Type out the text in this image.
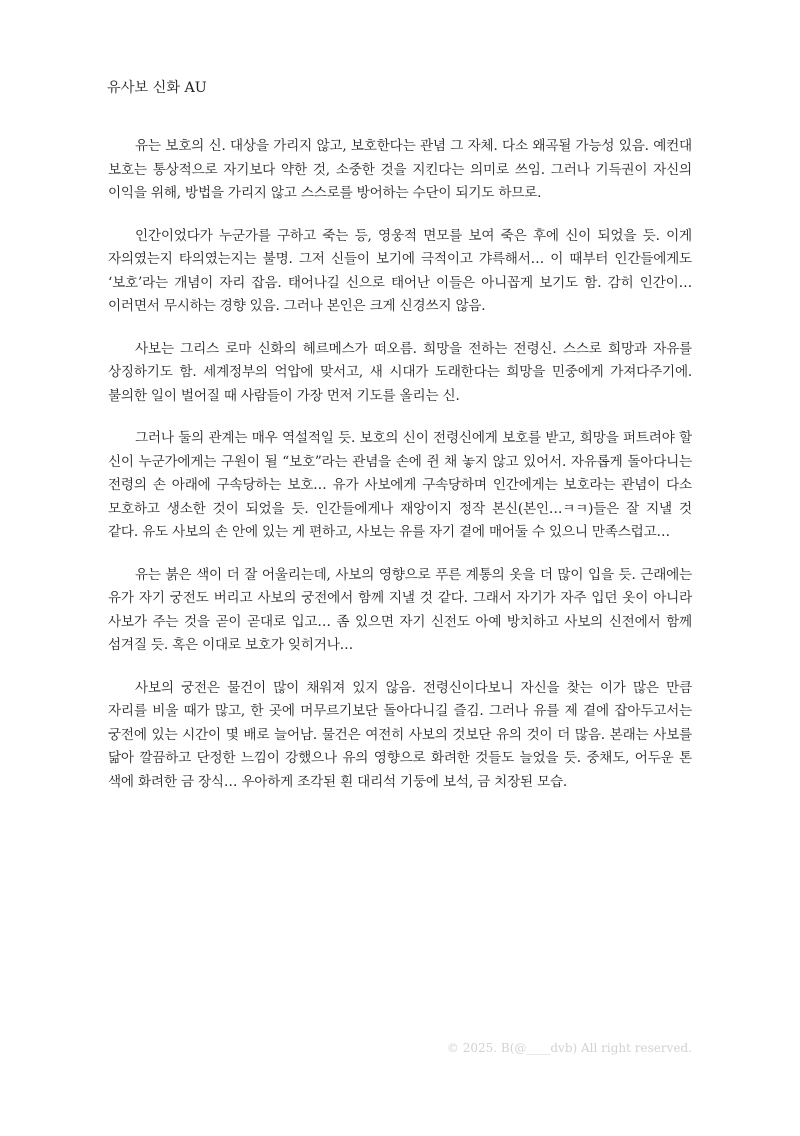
유사보 신화 AU

유는 보호의 신. 대상을 가리지 않고, 보호한다는 관념 그 자체. 다소 왜곡될 가능성 있음. 예컨대 보호는 통상적으로 자기보다 약한 것, 소중한 것을 지킨다는 의미로 쓰임. 그러나 기득권이 자신의 이익을 위해, 방법을 가리지 않고 스스로를 방어하는 수단이 되기도 하므로.

인간이었다가 누군가를 구하고 죽는 등, 영웅적 면모를 보여 죽은 후에 신이 되었을 듯. 이게 자의였는지 타의였는지는 불명. 그저 신들이 보기에 극적이고 갸륵해서… 이 때부터 인간들에게도 ‘보호’라는 개념이 자리 잡음. 태어나길 신으로 태어난 이들은 아니꼽게 보기도 함. 감히 인간이… 이러면서 무시하는 경향 있음. 그러나 본인은 크게 신경쓰지 않음.

사보는 그리스 로마 신화의 헤르메스가 떠오름. 희망을 전하는 전령신. 스스로 희망과 자유를 상징하기도 함. 세계정부의 억압에 맞서고, 새 시대가 도래한다는 희망을 민중에게 가져다주기에. 불의한 일이 벌어질 때 사람들이 가장 먼저 기도를 올리는 신.

그러나 둘의 관계는 매우 역설적일 듯. 보호의 신이 전령신에게 보호를 받고, 희망을 퍼트려야 할 신이 누군가에게는 구원이 될 “보호”라는 관념을 손에 쥔 채 놓지 않고 있어서. 자유롭게 돌아다니는 전령의 손 아래에 구속당하는 보호… 유가 사보에게 구속당하며 인간에게는 보호라는 관념이 다소 모호하고 생소한 것이 되었을 듯. 인간들에게나 재앙이지 정작 본신(본인…ㅋㅋ)들은 잘 지낼 것 같다. 유도 사보의 손 안에 있는 게 편하고, 사보는 유를 자기 곁에 매어둘 수 있으니 만족스럽고…

유는 붉은 색이 더 잘 어울리는데, 사보의 영향으로 푸른 계통의 옷을 더 많이 입을 듯. 근래에는 유가 자기 궁전도 버리고 사보의 궁전에서 함께 지낼 것 같다. 그래서 자기가 자주 입던 옷이 아니라 사보가 주는 것을 곧이 곧대로 입고… 좀 있으면 자기 신전도 아예 방치하고 사보의 신전에서 함께 섬겨질 듯. 혹은 이대로 보호가 잊히거나…

사보의 궁전은 물건이 많이 채워져 있지 않음. 전령신이다보니 자신을 찾는 이가 많은 만큼 자리를 비울 때가 많고, 한 곳에 머무르기보단 돌아다니길 즐김. 그러나 유를 제 곁에 잡아두고서는 궁전에 있는 시간이 몇 배로 늘어남. 물건은 여전히 사보의 것보단 유의 것이 더 많음. 본래는 사보를 닮아 깔끔하고 단정한 느낌이 강했으나 유의 영향으로 화려한 것들도 늘었을 듯. 중채도, 어두운 톤 색에 화려한 금 장식… 우아하게 조각된 흰 대리석 기둥에 보석, 금 치장된 모습.

© 2025. B(@____dvb) All right reserved.
